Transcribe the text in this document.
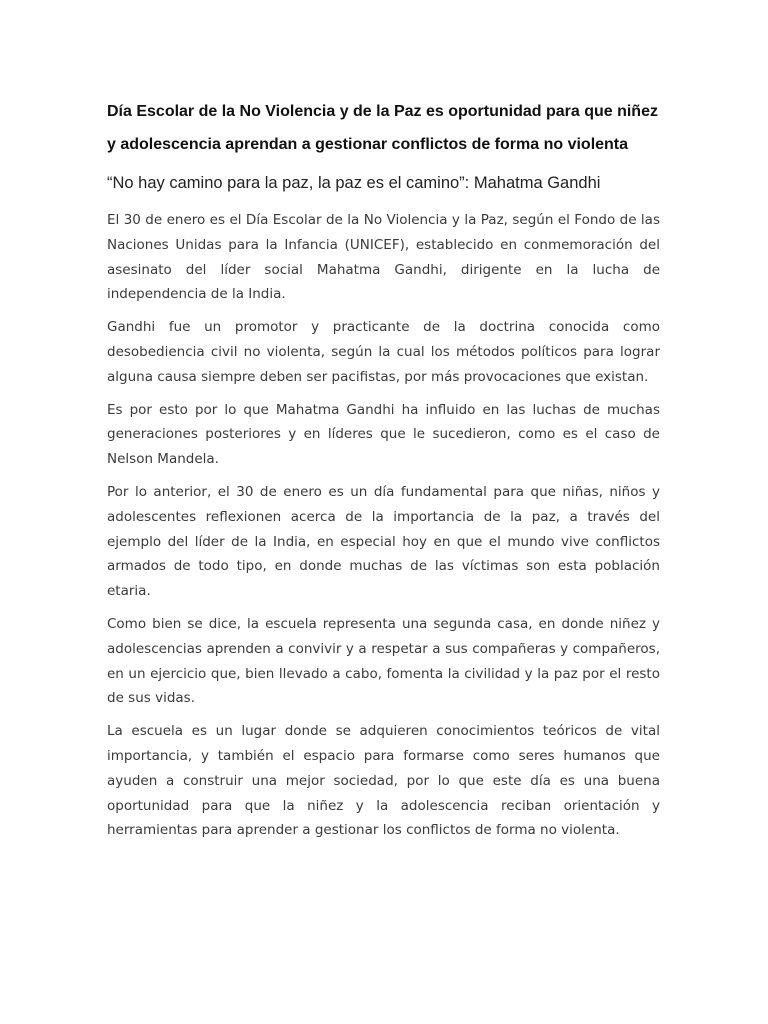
Día Escolar de la No Violencia y de la Paz es oportunidad para que niñez y adolescencia aprendan a gestionar conflictos de forma no violenta

“No hay camino para la paz, la paz es el camino”: Mahatma Gandhi

El 30 de enero es el Día Escolar de la No Violencia y la Paz, según el Fondo de las Naciones Unidas para la Infancia (UNICEF), establecido en conmemoración del asesinato del líder social Mahatma Gandhi, dirigente en la lucha de independencia de la India.

Gandhi fue un promotor y practicante de la doctrina conocida como desobediencia civil no violenta, según la cual los métodos políticos para lograr alguna causa siempre deben ser pacifistas, por más provocaciones que existan.

Es por esto por lo que Mahatma Gandhi ha influido en las luchas de muchas generaciones posteriores y en líderes que le sucedieron, como es el caso de Nelson Mandela.

Por lo anterior, el 30 de enero es un día fundamental para que niñas, niños y adolescentes reflexionen acerca de la importancia de la paz, a través del ejemplo del líder de la India, en especial hoy en que el mundo vive conflictos armados de todo tipo, en donde muchas de las víctimas son esta población etaria.

Como bien se dice, la escuela representa una segunda casa, en donde niñez y adolescencias aprenden a convivir y a respetar a sus compañeras y compañeros, en un ejercicio que, bien llevado a cabo, fomenta la civilidad y la paz por el resto de sus vidas.

La escuela es un lugar donde se adquieren conocimientos teóricos de vital importancia, y también el espacio para formarse como seres humanos que ayuden a construir una mejor sociedad, por lo que este día es una buena oportunidad para que la niñez y la adolescencia reciban orientación y herramientas para aprender a gestionar los conflictos de forma no violenta.
